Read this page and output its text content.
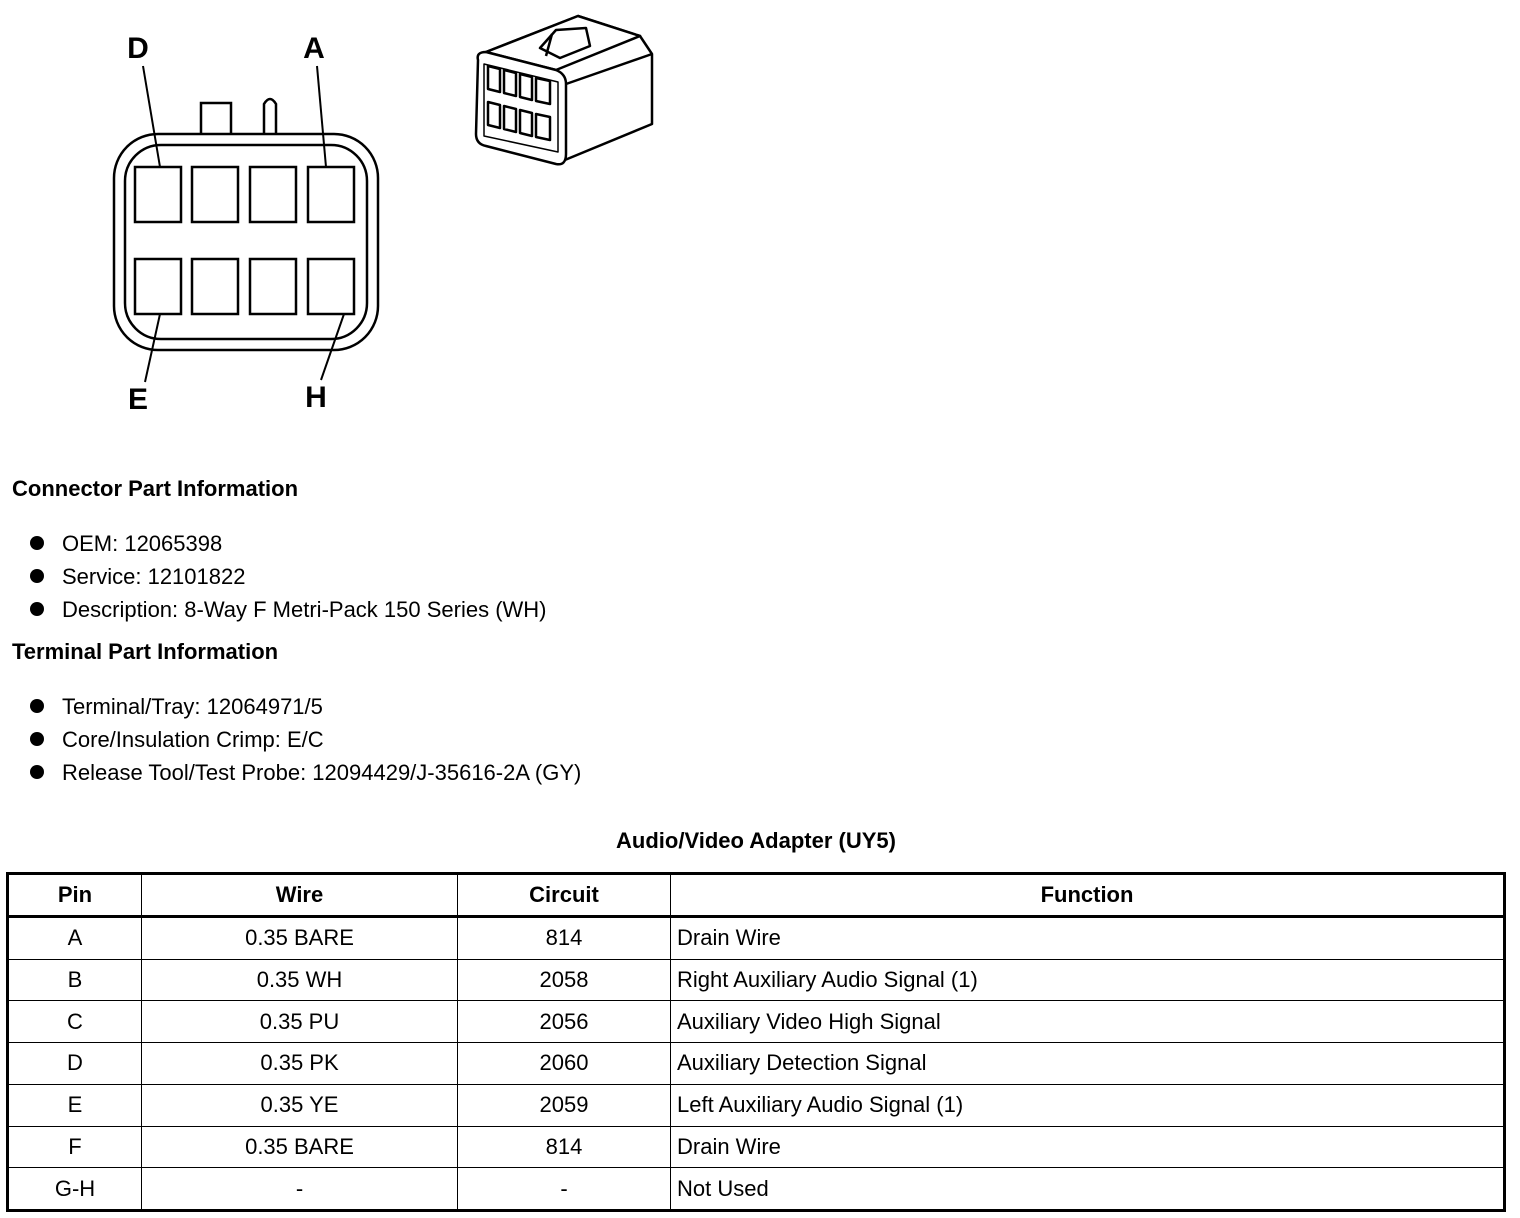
D	A
E	H
Connector Part Information
OEM: 12065398
Service: 12101822
Description: 8-Way F Metri-Pack 150 Series (WH)
Terminal Part Information
Terminal/Tray: 12064971/5
Core/Insulation Crimp: E/C
Release Tool/Test Probe: 12094429/J-35616-2A (GY)
Audio/Video Adapter (UY5)
Pin	Wire	Circuit	Function
A	0.35 BARE	814	Drain Wire
B	0.35 WH	2058	Right Auxiliary Audio Signal (1)
C	0.35 PU	2056	Auxiliary Video High Signal
D	0.35 PK	2060	Auxiliary Detection Signal
E	0.35 YE	2059	Left Auxiliary Audio Signal (1)
F	0.35 BARE	814	Drain Wire
G-H	-	-	Not Used
